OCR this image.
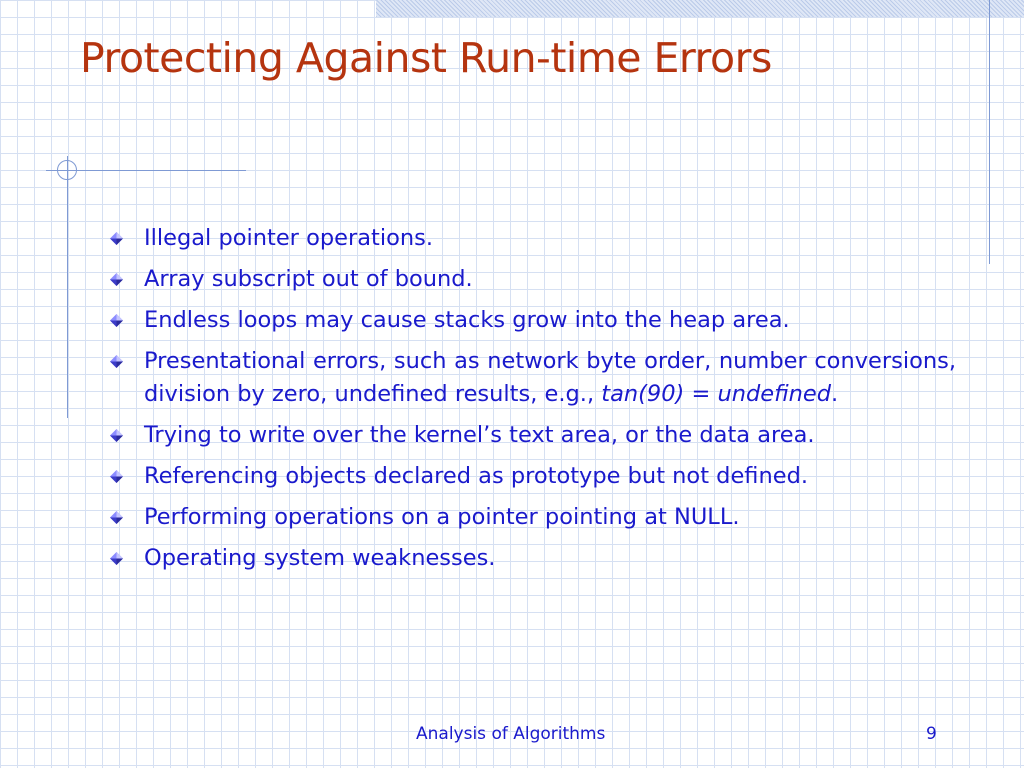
Protecting Against Run-time Errors
Illegal pointer operations.
Array subscript out of bound.
Endless loops may cause stacks grow into the heap area.
Presentational errors, such as network byte order, number conversions, division by zero, undefined results, e.g., tan(90) = undefined.
Trying to write over the kernel’s text area, or the data area.
Referencing objects declared as prototype but not defined.
Performing operations on a pointer pointing at NULL.
Operating system weaknesses.
Analysis of Algorithms	9
